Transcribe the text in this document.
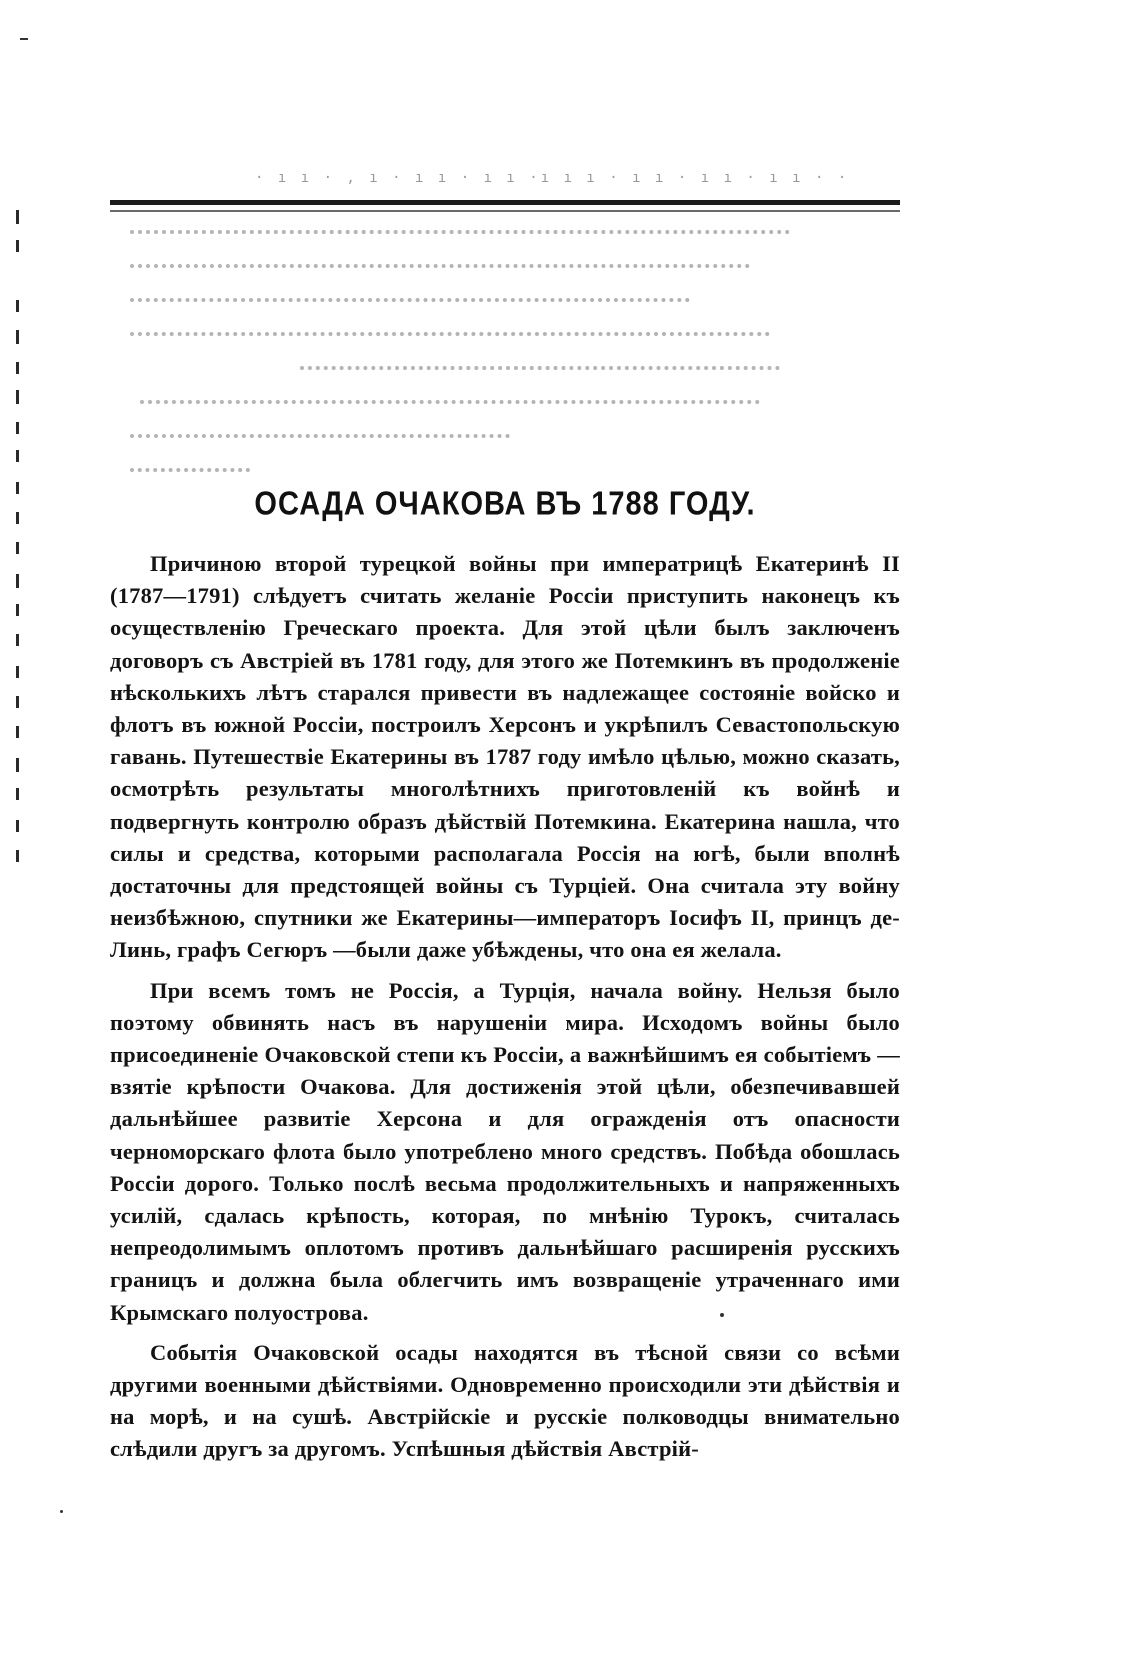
· ı ı · , ı · ı ı · ı ı ·ı ı ı · ı ı · ı ı · ı ı · ·
ОСАДА ОЧАКОВА ВЪ 1788 ГОДУ.

Причиною второй турецкой войны при императрицѣ Екатеринѣ II (1787—1791) слѣдуетъ считать желаніе Россіи приступить наконецъ къ осуществленію Греческаго проекта. Для этой цѣли былъ заключенъ договоръ съ Австріей въ 1781 году, для этого же Потемкинъ въ продолженіе нѣсколькихъ лѣтъ старался привести въ надлежащее состояніе войско и флотъ въ южной Россіи, построилъ Херсонъ и укрѣпилъ Севастопольскую гавань. Путешествіе Екатерины въ 1787 году имѣло цѣлью, можно сказать, осмотрѣть результаты многолѣтнихъ приготовленій къ войнѣ и подвергнуть контролю образъ дѣйствій Потемкина. Екатерина нашла, что силы и средства, которыми располагала Россія на югѣ, были вполнѣ достаточны для предстоящей войны съ Турціей. Она считала эту войну неизбѣжною, спутники же Екатерины—императоръ Іосифъ II, принцъ де-Линь, графъ Сегюръ —были даже убѣждены, что она ея желала.

При всемъ томъ не Россія, а Турція, начала войну. Нельзя было поэтому обвинять насъ въ нарушеніи мира. Исходомъ войны было присоединеніе Очаковской степи къ Россіи, а важнѣйшимъ ея событіемъ — взятіе крѣпости Очакова. Для достиженія этой цѣли, обезпечивавшей дальнѣйшее развитіе Херсона и для огражденія отъ опасности черноморскаго флота было употреблено много средствъ. Побѣда обошлась Россіи дорого. Только послѣ весьма продолжительныхъ и напряженныхъ усилій, сдалась крѣпость, которая, по мнѣнію Турокъ, считалась непреодолимымъ оплотомъ противъ дальнѣйшаго расширенія русскихъ границъ и должна была облегчить имъ возвращеніе утраченнаго ими Крымскаго полуострова.

Событія Очаковской осады находятся въ тѣсной связи со всѣми другими военными дѣйствіями. Одновременно происходили эти дѣйствія и на морѣ, и на сушѣ. Австрійскіе и русскіе полководцы внимательно слѣдили другъ за другомъ. Успѣшныя дѣйствія Австрій-
